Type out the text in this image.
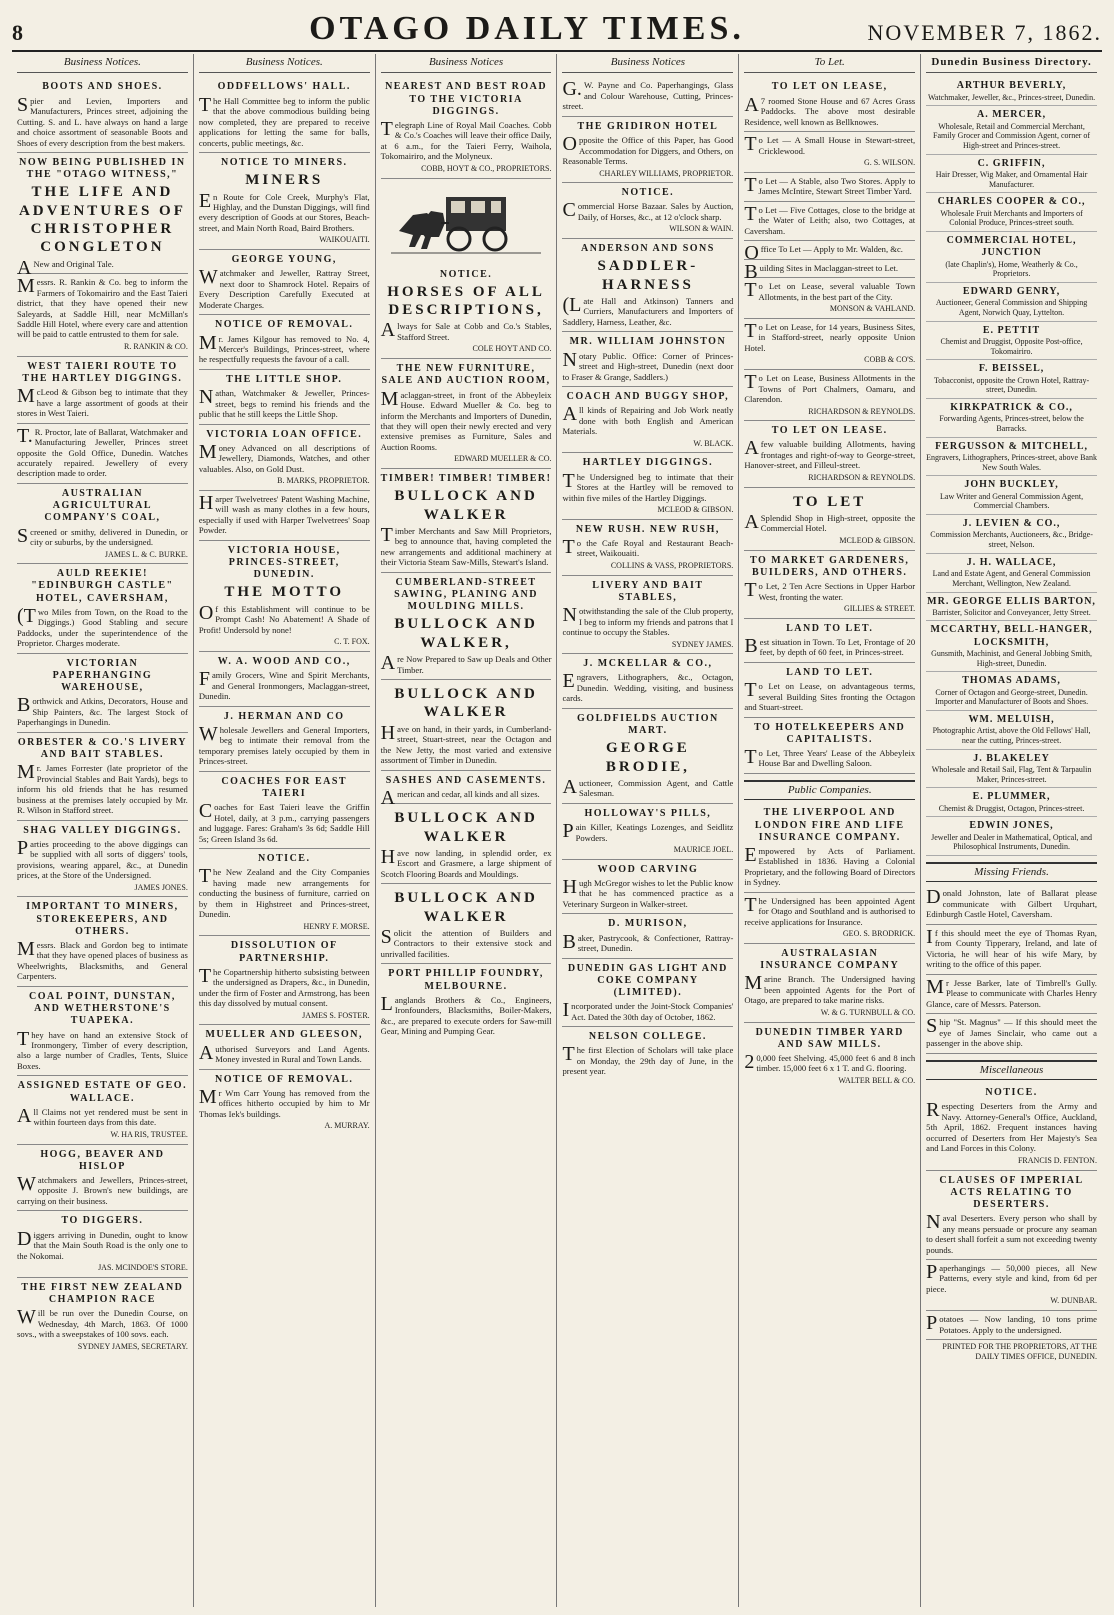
8	OTAGO DAILY TIMES.	NOVEMBER 7, 1862.
Business Notices.
BOOTS AND SHOES.
Spier and Levien, Importers and Manufacturers, Princes street, adjoining the Cutting. S. and L. have always on hand a large and choice assortment of seasonable Boots and Shoes of every description from the best makers.
NOW BEING PUBLISHED IN THE "OTAGO WITNESS,"
THE LIFE AND ADVENTURES OF CHRISTOPHER CONGLETON
ANew and Original Tale.
Messrs. R. Rankin & Co. beg to inform the Farmers of Tokomairiro and the East Taieri district, that they have opened their new Saleyards, at Saddle Hill, near McMillan's Saddle Hill Hotel, where every care and attention will be paid to cattle entrusted to them for sale.
R. RANKIN & CO.
WEST TAIERI ROUTE TO THE HARTLEY DIGGINGS.
McLeod & Gibson beg to intimate that they have a large assortment of goods at their stores in West Taieri.
T.R. Proctor, late of Ballarat, Watchmaker and Manufacturing Jeweller, Princes street opposite the Gold Office, Dunedin. Watches accurately repaired. Jewellery of every description made to order.
AUSTRALIAN AGRICULTURAL COMPANY'S COAL,
Screened or smithy, delivered in Dunedin, or city or suburbs, by the undersigned.
JAMES L. & C. BURKE.
AULD REEKIE! "EDINBURGH CASTLE" HOTEL, CAVERSHAM,
(Two Miles from Town, on the Road to the Diggings.) Good Stabling and secure Paddocks, under the superintendence of the Proprietor. Charges moderate.
VICTORIAN PAPERHANGING WAREHOUSE,
Borthwick and Atkins, Decorators, House and Ship Painters, &c. The largest Stock of Paperhangings in Dunedin.
ORBESTER & CO.'S LIVERY AND BAIT STABLES.
Mr. James Forrester (late proprietor of the Provincial Stables and Bait Yards), begs to inform his old friends that he has resumed business at the premises lately occupied by Mr. R. Wilson in Stafford street.
SHAG VALLEY DIGGINGS.
Parties proceeding to the above diggings can be supplied with all sorts of diggers' tools, provisions, wearing apparel, &c., at Dunedin prices, at the Store of the Undersigned.
JAMES JONES.
IMPORTANT TO MINERS, STOREKEEPERS, AND OTHERS.
Messrs. Black and Gordon beg to intimate that they have opened places of business as Wheelwrights, Blacksmiths, and General Carpenters.
COAL POINT, DUNSTAN, AND WETHERSTONE'S TUAPEKA.
They have on hand an extensive Stock of Ironmongery, Timber of every description, also a large number of Cradles, Tents, Sluice Boxes.
ASSIGNED ESTATE OF GEO. WALLACE.
All Claims not yet rendered must be sent in within fourteen days from this date.
W. HA RIS, TRUSTEE.
HOGG, BEAVER AND HISLOP
Watchmakers and Jewellers, Princes-street, opposite J. Brown's new buildings, are carrying on their business.
TO DIGGERS.
Diggers arriving in Dunedin, ought to know that the Main South Road is the only one to the Nokomai.
JAS. MCINDOE'S STORE.
THE FIRST NEW ZEALAND CHAMPION RACE
Will be run over the Dunedin Course, on Wednesday, 4th March, 1863. Of 1000 sovs., with a sweepstakes of 100 sovs. each.
SYDNEY JAMES, SECRETARY.
Business Notices.
ODDFELLOWS' HALL.
The Hall Committee beg to inform the public that the above commodious building being now completed, they are prepared to receive applications for letting the same for balls, concerts, public meetings, &c.
NOTICE TO MINERS.
MINERS
En Route for Cole Creek, Murphy's Flat, Highlay, and the Dunstan Diggings, will find every description of Goods at our Stores, Beach-street, and Main North Road, Baird Brothers.
WAIKOUAITI.
GEORGE YOUNG,
Watchmaker and Jeweller, Rattray Street, next door to Shamrock Hotel. Repairs of Every Description Carefully Executed at Moderate Charges.
NOTICE OF REMOVAL.
Mr. James Kilgour has removed to No. 4, Mercer's Buildings, Princes-street, where he respectfully requests the favour of a call.
THE LITTLE SHOP.
Nathan, Watchmaker & Jeweller, Princes-street, begs to remind his friends and the public that he still keeps the Little Shop.
VICTORIA LOAN OFFICE.
Money Advanced on all descriptions of Jewellery, Diamonds, Watches, and other valuables. Also, on Gold Dust.
B. MARKS, PROPRIETOR.
Harper Twelvetrees' Patent Washing Machine, will wash as many clothes in a few hours, especially if used with Harper Twelvetrees' Soap Powder.
VICTORIA HOUSE, PRINCES-STREET, DUNEDIN.
THE MOTTO
Of this Establishment will continue to be Prompt Cash! No Abatement! A Shade of Profit! Undersold by none!
C. T. FOX.
W. A. WOOD AND CO.,
Family Grocers, Wine and Spirit Merchants, and General Ironmongers, Maclaggan-street, Dunedin.
J. HERMAN AND CO
Wholesale Jewellers and General Importers, beg to intimate their removal from the temporary premises lately occupied by them in Princes-street.
COACHES FOR EAST TAIERI
Coaches for East Taieri leave the Griffin Hotel, daily, at 3 p.m., carrying passengers and luggage. Fares: Graham's 3s 6d; Saddle Hill 5s; Green Island 3s 6d.
NOTICE.
The New Zealand and the City Companies having made new arrangements for conducting the business of furniture, carried on by them in Highstreet and Princes-street, Dunedin.
HENRY F. MORSE.
DISSOLUTION OF PARTNERSHIP.
The Copartnership hitherto subsisting between the undersigned as Drapers, &c., in Dunedin, under the firm of Foster and Armstrong, has been this day dissolved by mutual consent.
JAMES S. FOSTER.
MUELLER AND GLEESON,
Authorised Surveyors and Land Agents. Money invested in Rural and Town Lands.
NOTICE OF REMOVAL.
Mr Wm Carr Young has removed from the offices hitherto occupied by him to Mr Thomas Iek's buildings.
A. MURRAY.
Business Notices
NEAREST AND BEST ROAD TO THE VICTORIA DIGGINGS.
Telegraph Line of Royal Mail Coaches. Cobb & Co.'s Coaches will leave their office Daily, at 6 a.m., for the Taieri Ferry, Waihola, Tokomairiro, and the Molyneux.
COBB, HOYT & CO., PROPRIETORS.
NOTICE.
HORSES OF ALL DESCRIPTIONS,
Always for Sale at Cobb and Co.'s Stables, Stafford Street.
COLE HOYT AND CO.
THE NEW FURNITURE, SALE AND AUCTION ROOM,
Maclaggan-street, in front of the Abbeyleix House. Edward Mueller & Co. beg to inform the Merchants and Importers of Dunedin, that they will open their newly erected and very extensive premises as Furniture, Sales and Auction Rooms.
EDWARD MUELLER & CO.
TIMBER! TIMBER! TIMBER!
BULLOCK AND WALKER
Timber Merchants and Saw Mill Proprietors, beg to announce that, having completed the new arrangements and additional machinery at their Victoria Steam Saw-Mills, Stewart's Island.
CUMBERLAND-STREET SAWING, PLANING AND MOULDING MILLS.
BULLOCK AND WALKER,
Are Now Prepared to Saw up Deals and Other Timber.
BULLOCK AND WALKER
Have on hand, in their yards, in Cumberland-street, Stuart-street, near the Octagon and the New Jetty, the most varied and extensive assortment of Timber in Dunedin.
SASHES AND CASEMENTS.
American and cedar, all kinds and all sizes.
BULLOCK AND WALKER
Have now landing, in splendid order, ex Escort and Grasmere, a large shipment of Scotch Flooring Boards and Mouldings.
BULLOCK AND WALKER
Solicit the attention of Builders and Contractors to their extensive stock and unrivalled facilities.
PORT PHILLIP FOUNDRY, MELBOURNE.
Langlands Brothers & Co., Engineers, Ironfounders, Blacksmiths, Boiler-Makers, &c., are prepared to execute orders for Saw-mill Gear, Mining and Pumping Gear.
Business Notices
G.W. Payne and Co. Paperhangings, Glass and Colour Warehouse, Cutting, Princes-street.
THE GRIDIRON HOTEL
Opposite the Office of this Paper, has Good Accommodation for Diggers, and Others, on Reasonable Terms.
CHARLEY WILLIAMS, PROPRIETOR.
NOTICE.
Commercial Horse Bazaar. Sales by Auction, Daily, of Horses, &c., at 12 o'clock sharp.
WILSON & WAIN.
ANDERSON AND SONS
SADDLER-HARNESS
(Late Hall and Atkinson) Tanners and Curriers, Manufacturers and Importers of Saddlery, Harness, Leather, &c.
MR. WILLIAM JOHNSTON
Notary Public. Office: Corner of Princes-street and High-street, Dunedin (next door to Fraser & Grange, Saddlers.)
COACH AND BUGGY SHOP,
All kinds of Repairing and Job Work neatly done with both English and American Materials.
W. BLACK.
HARTLEY DIGGINGS.
The Undersigned beg to intimate that their Stores at the Hartley will be removed to within five miles of the Hartley Diggings.
MCLEOD & GIBSON.
NEW RUSH. NEW RUSH,
To the Cafe Royal and Restaurant Beach-street, Waikouaiti.
COLLINS & VASS, PROPRIETORS.
LIVERY AND BAIT STABLES,
Notwithstanding the sale of the Club property, I beg to inform my friends and patrons that I continue to occupy the Stables.
SYDNEY JAMES.
J. MCKELLAR & CO.,
Engravers, Lithographers, &c., Octagon, Dunedin. Wedding, visiting, and business cards.
GOLDFIELDS AUCTION MART.
GEORGE BRODIE,
Auctioneer, Commission Agent, and Cattle Salesman.
HOLLOWAY'S PILLS,
Pain Killer, Keatings Lozenges, and Seidlitz Powders.
MAURICE JOEL.
WOOD CARVING
Hugh McGregor wishes to let the Public know that he has commenced practice as a Veterinary Surgeon in Walker-street.
D. MURISON,
Baker, Pastrycook, & Confectioner, Rattray-street, Dunedin.
DUNEDIN GAS LIGHT AND COKE COMPANY (LIMITED).
Incorporated under the Joint-Stock Companies' Act. Dated the 30th day of October, 1862.
NELSON COLLEGE.
The first Election of Scholars will take place on Monday, the 29th day of June, in the present year.
To Let.
TO LET ON LEASE,
A7 roomed Stone House and 67 Acres Grass Paddocks. The above most desirable Residence, well known as Bellknowes.
To Let — A Small House in Stewart-street, Cricklewood.
G. S. WILSON.
To Let — A Stable, also Two Stores. Apply to James McIntire, Stewart Street Timber Yard.
To Let — Five Cottages, close to the bridge at the Water of Leith; also, two Cottages, at Caversham.
Office To Let — Apply to Mr. Walden, &c.
Building Sites in Maclaggan-street to Let.
To Let on Lease, several valuable Town Allotments, in the best part of the City.
MONSON & VAHLAND.
To Let on Lease, for 14 years, Business Sites, in Stafford-street, nearly opposite Union Hotel.
COBB & CO'S.
To Let on Lease, Business Allotments in the Towns of Port Chalmers, Oamaru, and Clarendon.
RICHARDSON & REYNOLDS.
TO LET ON LEASE.
Afew valuable building Allotments, having frontages and right-of-way to George-street, Hanover-street, and Filleul-street.
RICHARDSON & REYNOLDS.
TO LET
ASplendid Shop in High-street, opposite the Commercial Hotel.
MCLEOD & GIBSON.
TO MARKET GARDENERS, BUILDERS, AND OTHERS.
To Let, 2 Ten Acre Sections in Upper Harbor West, fronting the water.
GILLIES & STREET.
LAND TO LET.
Best situation in Town. To Let, Frontage of 20 feet, by depth of 60 feet, in Princes-street.
LAND TO LET.
To Let on Lease, on advantageous terms, several Building Sites fronting the Octagon and Stuart-street.
TO HOTELKEEPERS AND CAPITALISTS.
To Let, Three Years' Lease of the Abbeyleix House Bar and Dwelling Saloon.
Public Companies.
THE LIVERPOOL AND LONDON FIRE AND LIFE INSURANCE COMPANY.
Empowered by Acts of Parliament. Established in 1836. Having a Colonial Proprietary, and the following Board of Directors in Sydney.
The Undersigned has been appointed Agent for Otago and Southland and is authorised to receive applications for Insurance.
GEO. S. BRODRICK.
AUSTRALASIAN INSURANCE COMPANY
Marine Branch. The Undersigned having been appointed Agents for the Port of Otago, are prepared to take marine risks.
W. & G. TURNBULL & CO.
DUNEDIN TIMBER YARD AND SAW MILLS.
20,000 feet Shelving. 45,000 feet 6 and 8 inch timber. 15,000 feet 6 x 1 T. and G. flooring.
WALTER BELL & CO.
Dunedin Business Directory.
ARTHUR BEVERLY,
Watchmaker, Jeweller, &c., Princes-street, Dunedin.
A. MERCER,
Wholesale, Retail and Commercial Merchant, Family Grocer and Commission Agent, corner of High-street and Princes-street.
C. GRIFFIN,
Hair Dresser, Wig Maker, and Ornamental Hair Manufacturer.
CHARLES COOPER & CO.,
Wholesale Fruit Merchants and Importers of Colonial Produce, Princes-street south.
COMMERCIAL HOTEL, JUNCTION
(late Chaplin's), Home, Weatherly & Co., Proprietors.
EDWARD GENRY,
Auctioneer, General Commission and Shipping Agent, Norwich Quay, Lyttelton.
E. PETTIT
Chemist and Druggist, Opposite Post-office, Tokomairiro.
F. BEISSEL,
Tobacconist, opposite the Crown Hotel, Rattray-street, Dunedin.
KIRKPATRICK & CO.,
Forwarding Agents, Princes-street, below the Barracks.
FERGUSSON & MITCHELL,
Engravers, Lithographers, Princes-street, above Bank New South Wales.
JOHN BUCKLEY,
Law Writer and General Commission Agent, Commercial Chambers.
J. LEVIEN & CO.,
Commission Merchants, Auctioneers, &c., Bridge-street, Nelson.
J. H. WALLACE,
Land and Estate Agent, and General Commission Merchant, Wellington, New Zealand.
MR. GEORGE ELLIS BARTON,
Barrister, Solicitor and Conveyancer, Jetty Street.
MCCARTHY, BELL-HANGER, LOCKSMITH,
Gunsmith, Machinist, and General Jobbing Smith, High-street, Dunedin.
THOMAS ADAMS,
Corner of Octagon and George-street, Dunedin. Importer and Manufacturer of Boots and Shoes.
WM. MELUISH,
Photographic Artist, above the Old Fellows' Hall, near the cutting, Princes-street.
J. BLAKELEY
Wholesale and Retail Sail, Flag, Tent & Tarpaulin Maker, Princes-street.
E. PLUMMER,
Chemist & Druggist, Octagon, Princes-street.
EDWIN JONES,
Jeweller and Dealer in Mathematical, Optical, and Philosophical Instruments, Dunedin.
Missing Friends.
Donald Johnston, late of Ballarat please communicate with Gilbert Urquhart, Edinburgh Castle Hotel, Caversham.
If this should meet the eye of Thomas Ryan, from County Tipperary, Ireland, and late of Victoria, he will hear of his wife Mary, by writing to the office of this paper.
Mr Jesse Barker, late of Timbrell's Gully. Please to communicate with Charles Henry Glance, care of Messrs. Paterson.
Ship "St. Magnus" — If this should meet the eye of James Sinclair, who came out a passenger in the above ship.
Miscellaneous
NOTICE.
Respecting Deserters from the Army and Navy. Attorney-General's Office, Auckland, 5th April, 1862. Frequent instances having occurred of Deserters from Her Majesty's Sea and Land Forces in this Colony.
FRANCIS D. FENTON.
CLAUSES OF IMPERIAL ACTS RELATING TO DESERTERS.
Naval Deserters. Every person who shall by any means persuade or procure any seaman to desert shall forfeit a sum not exceeding twenty pounds.
Paperhangings — 50,000 pieces, all New Patterns, every style and kind, from 6d per piece.
W. DUNBAR.
Potatoes — Now landing, 10 tons prime Potatoes. Apply to the undersigned.
PRINTED FOR THE PROPRIETORS, AT THE DAILY TIMES OFFICE, DUNEDIN.
